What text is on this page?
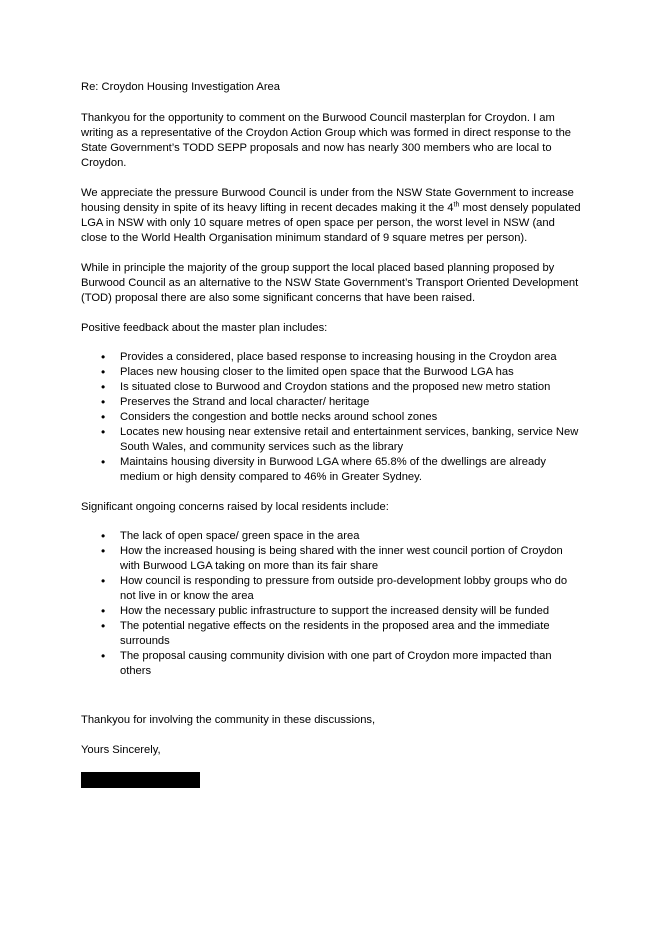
Re: Croydon Housing Investigation Area

Thankyou for the opportunity to comment on the Burwood Council masterplan for Croydon. I am writing as a representative of the Croydon Action Group which was formed in direct response to the State Government’s TODD SEPP proposals and now has nearly 300 members who are local to Croydon.

We appreciate the pressure Burwood Council is under from the NSW State Government to increase housing density in spite of its heavy lifting in recent decades making it the 4th most densely populated LGA in NSW with only 10 square metres of open space per person, the worst level in NSW (and close to the World Health Organisation minimum standard of 9 square metres per person).

While in principle the majority of the group support the local placed based planning proposed by Burwood Council as an alternative to the NSW State Government’s Transport Oriented Development (TOD) proposal there are also some significant concerns that have been raised.

Positive feedback about the master plan includes:

• Provides a considered, place based response to increasing housing in the Croydon area
• Places new housing closer to the limited open space that the Burwood LGA has
• Is situated close to Burwood and Croydon stations and the proposed new metro station
• Preserves the Strand and local character/ heritage
• Considers the congestion and bottle necks around school zones
• Locates new housing near extensive retail and entertainment services, banking, service New South Wales, and community services such as the library
• Maintains housing diversity in Burwood LGA where 65.8% of the dwellings are already medium or high density compared to 46% in Greater Sydney.

Significant ongoing concerns raised by local residents include:

• The lack of open space/ green space in the area
• How the increased housing is being shared with the inner west council portion of Croydon with Burwood LGA taking on more than its fair share
• How council is responding to pressure from outside pro-development lobby groups who do not live in or know the area
• How the necessary public infrastructure to support the increased density will be funded
• The potential negative effects on the residents in the proposed area and the immediate surrounds
• The proposal causing community division with one part of Croydon more impacted than others

Thankyou for involving the community in these discussions,

Yours Sincerely,
